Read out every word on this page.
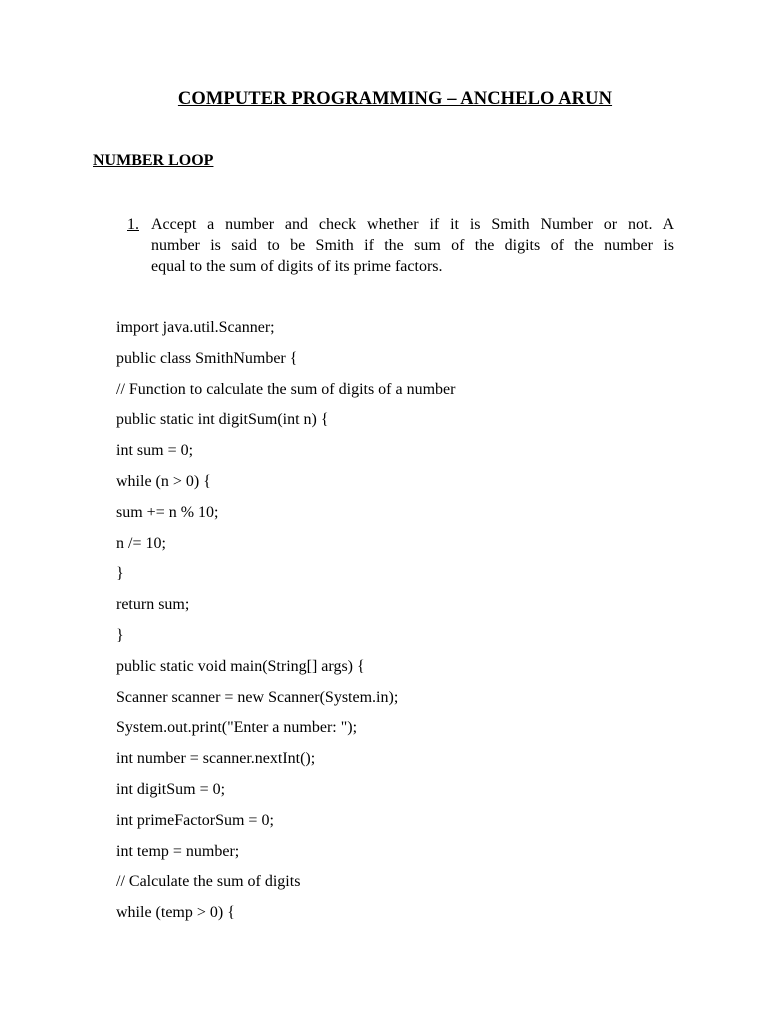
COMPUTER PROGRAMMING – ANCHELO ARUN
NUMBER LOOP
1. Accept a number and check whether if it is Smith Number or not. A
number is said to be Smith if the sum of the digits of the number is
equal to the sum of digits of its prime factors.
import java.util.Scanner;
public class SmithNumber {
// Function to calculate the sum of digits of a number
public static int digitSum(int n) {
int sum = 0;
while (n > 0) {
sum += n % 10;
n /= 10;
}
return sum;
}
public static void main(String[] args) {
Scanner scanner = new Scanner(System.in);
System.out.print("Enter a number: ");
int number = scanner.nextInt();
int digitSum = 0;
int primeFactorSum = 0;
int temp = number;
// Calculate the sum of digits
while (temp > 0) {
